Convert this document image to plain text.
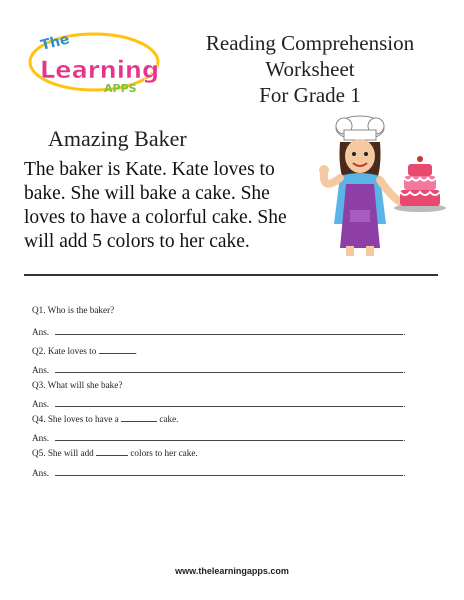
The
Learning
APPS
Reading Comprehension
Worksheet
For Grade 1
Amazing Baker
The baker is Kate. Kate loves to
bake. She will bake a cake. She
loves to have a colorful cake. She
will add 5 colors to her cake.
Q1. Who is the baker?
Ans.	.
Q2. Kate loves to	.
Ans.	.
Q3. What will she bake?
Ans.	.
Q4. She loves to have a	cake.
Ans.	.
Q5. She will add	colors to her cake.
Ans.	.
www.thelearningapps.com
